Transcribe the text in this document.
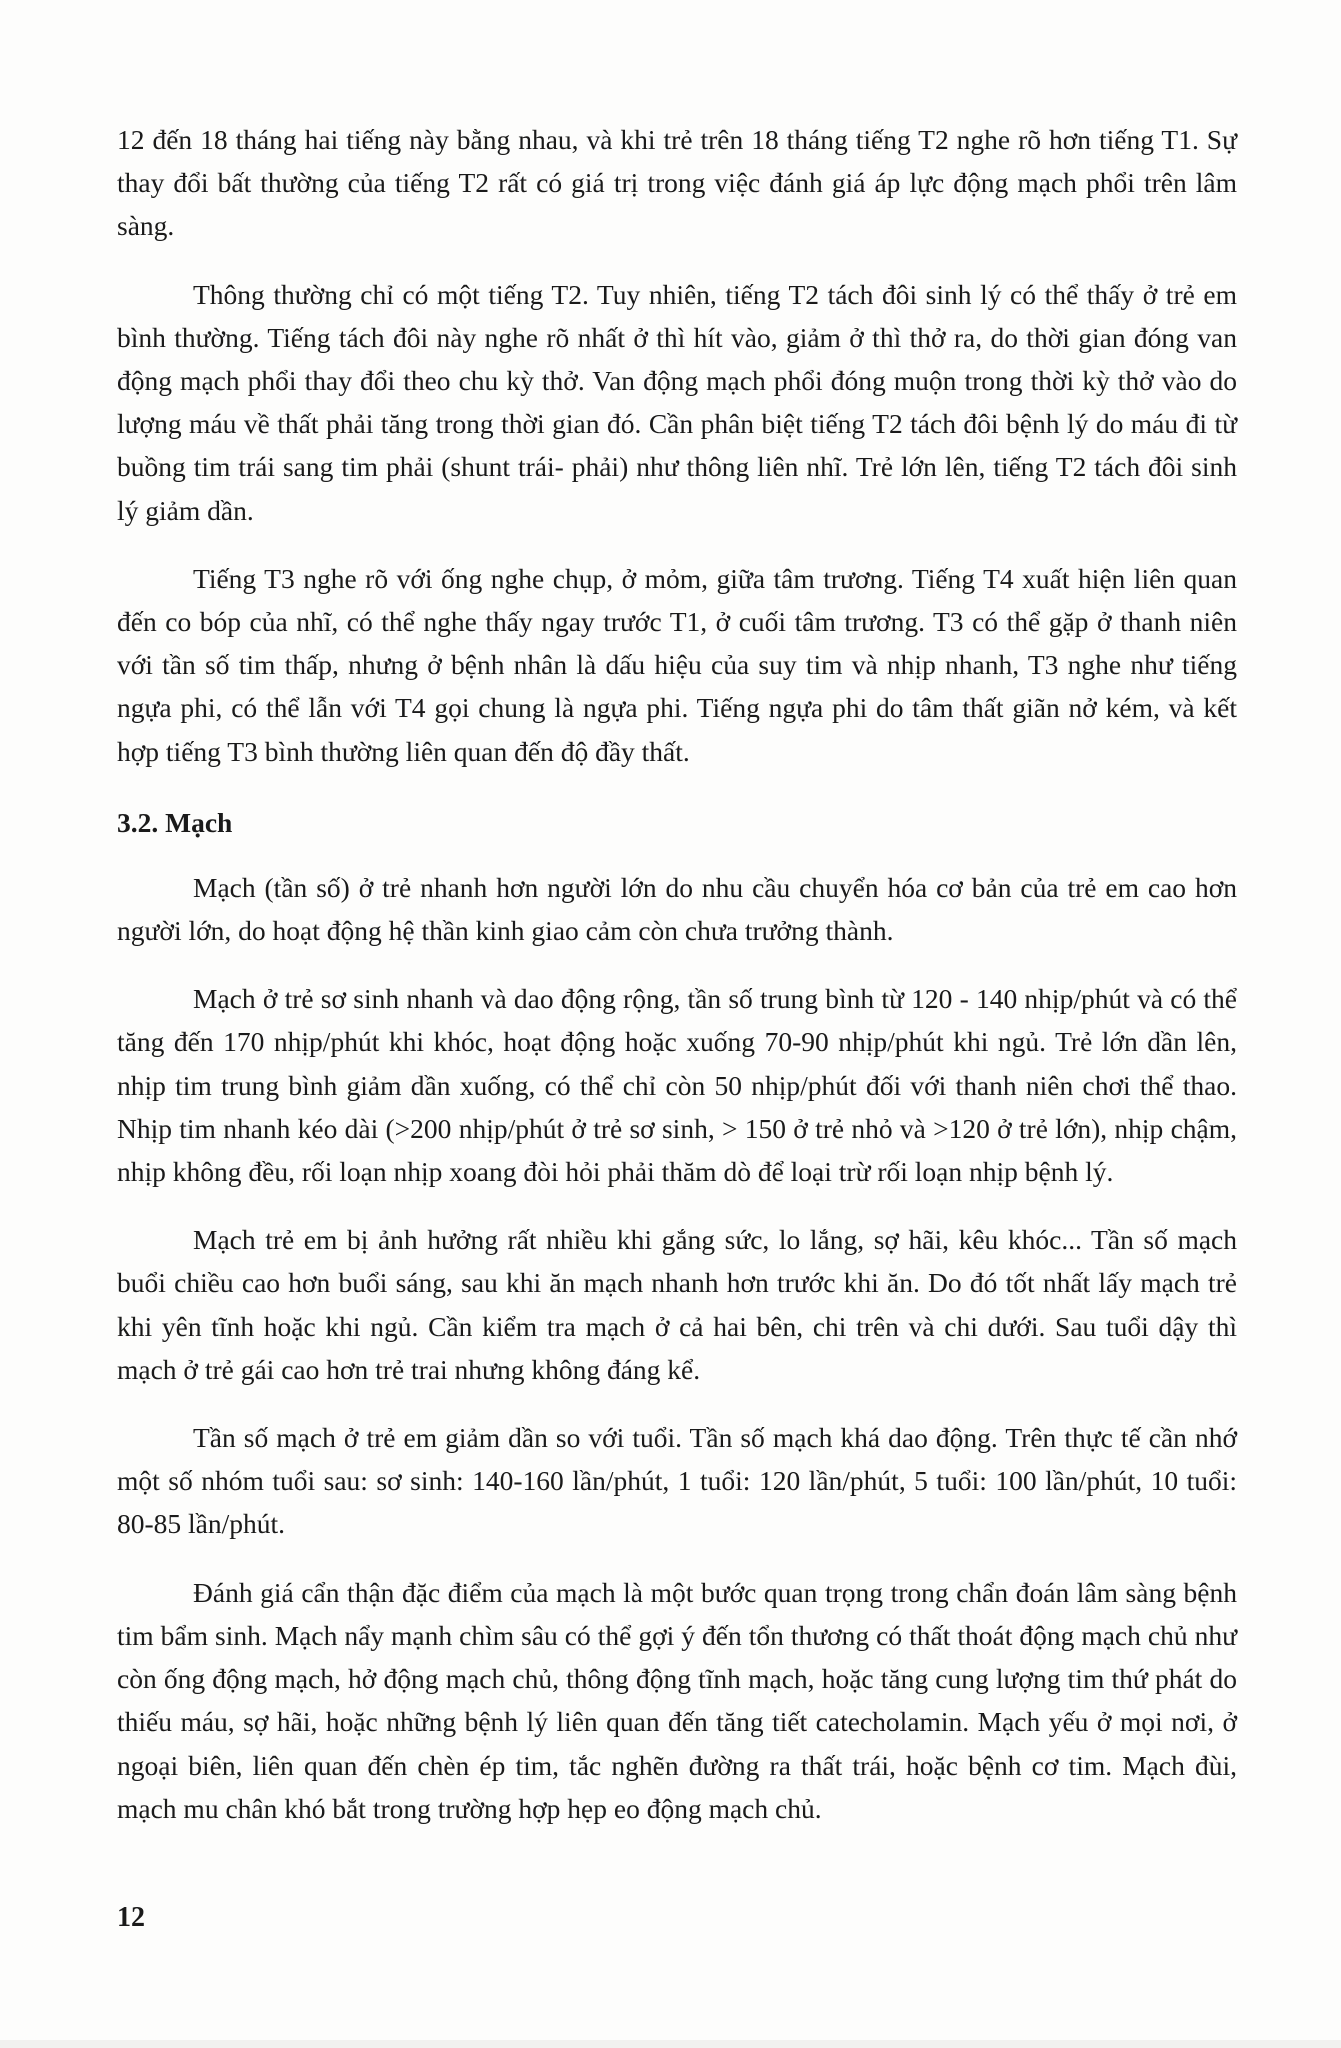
12 đến 18 tháng hai tiếng này bằng nhau, và khi trẻ trên 18 tháng tiếng T2 nghe rõ hơn tiếng T1. Sự thay đổi bất thường của tiếng T2 rất có giá trị trong việc đánh giá áp lực động mạch phổi trên lâm sàng.

Thông thường chỉ có một tiếng T2. Tuy nhiên, tiếng T2 tách đôi sinh lý có thể thấy ở trẻ em bình thường. Tiếng tách đôi này nghe rõ nhất ở thì hít vào, giảm ở thì thở ra, do thời gian đóng van động mạch phổi thay đổi theo chu kỳ thở. Van động mạch phổi đóng muộn trong thời kỳ thở vào do lượng máu về thất phải tăng trong thời gian đó. Cần phân biệt tiếng T2 tách đôi bệnh lý do máu đi từ buồng tim trái sang tim phải (shunt trái- phải) như thông liên nhĩ. Trẻ lớn lên, tiếng T2 tách đôi sinh lý giảm dần.

Tiếng T3 nghe rõ với ống nghe chụp, ở mỏm, giữa tâm trương. Tiếng T4 xuất hiện liên quan đến co bóp của nhĩ, có thể nghe thấy ngay trước T1, ở cuối tâm trương. T3 có thể gặp ở thanh niên với tần số tim thấp, nhưng ở bệnh nhân là dấu hiệu của suy tim và nhịp nhanh, T3 nghe như tiếng ngựa phi, có thể lẫn với T4 gọi chung là ngựa phi. Tiếng ngựa phi do tâm thất giãn nở kém, và kết hợp tiếng T3 bình thường liên quan đến độ đầy thất.

3.2. Mạch

Mạch (tần số) ở trẻ nhanh hơn người lớn do nhu cầu chuyển hóa cơ bản của trẻ em cao hơn người lớn, do hoạt động hệ thần kinh giao cảm còn chưa trưởng thành.

Mạch ở trẻ sơ sinh nhanh và dao động rộng, tần số trung bình từ 120 - 140 nhịp/phút và có thể tăng đến 170 nhịp/phút khi khóc, hoạt động hoặc xuống 70-90 nhịp/phút khi ngủ. Trẻ lớn dần lên, nhịp tim trung bình giảm dần xuống, có thể chỉ còn 50 nhịp/phút đối với thanh niên chơi thể thao. Nhịp tim nhanh kéo dài (>200 nhịp/phút ở trẻ sơ sinh, > 150 ở trẻ nhỏ và >120 ở trẻ lớn), nhịp chậm, nhịp không đều, rối loạn nhịp xoang đòi hỏi phải thăm dò để loại trừ rối loạn nhịp bệnh lý.

Mạch trẻ em bị ảnh hưởng rất nhiều khi gắng sức, lo lắng, sợ hãi, kêu khóc... Tần số mạch buổi chiều cao hơn buổi sáng, sau khi ăn mạch nhanh hơn trước khi ăn. Do đó tốt nhất lấy mạch trẻ khi yên tĩnh hoặc khi ngủ. Cần kiểm tra mạch ở cả hai bên, chi trên và chi dưới. Sau tuổi dậy thì mạch ở trẻ gái cao hơn trẻ trai nhưng không đáng kể.

Tần số mạch ở trẻ em giảm dần so với tuổi. Tần số mạch khá dao động. Trên thực tế cần nhớ một số nhóm tuổi sau: sơ sinh: 140-160 lần/phút, 1 tuổi: 120 lần/phút, 5 tuổi: 100 lần/phút, 10 tuổi: 80-85 lần/phút.

Đánh giá cẩn thận đặc điểm của mạch là một bước quan trọng trong chẩn đoán lâm sàng bệnh tim bẩm sinh. Mạch nẩy mạnh chìm sâu có thể gợi ý đến tổn thương có thất thoát động mạch chủ như còn ống động mạch, hở động mạch chủ, thông động tĩnh mạch, hoặc tăng cung lượng tim thứ phát do thiếu máu, sợ hãi, hoặc những bệnh lý liên quan đến tăng tiết catecholamin. Mạch yếu ở mọi nơi, ở ngoại biên, liên quan đến chèn ép tim, tắc nghẽn đường ra thất trái, hoặc bệnh cơ tim. Mạch đùi, mạch mu chân khó bắt trong trường hợp hẹp eo động mạch chủ.

12
